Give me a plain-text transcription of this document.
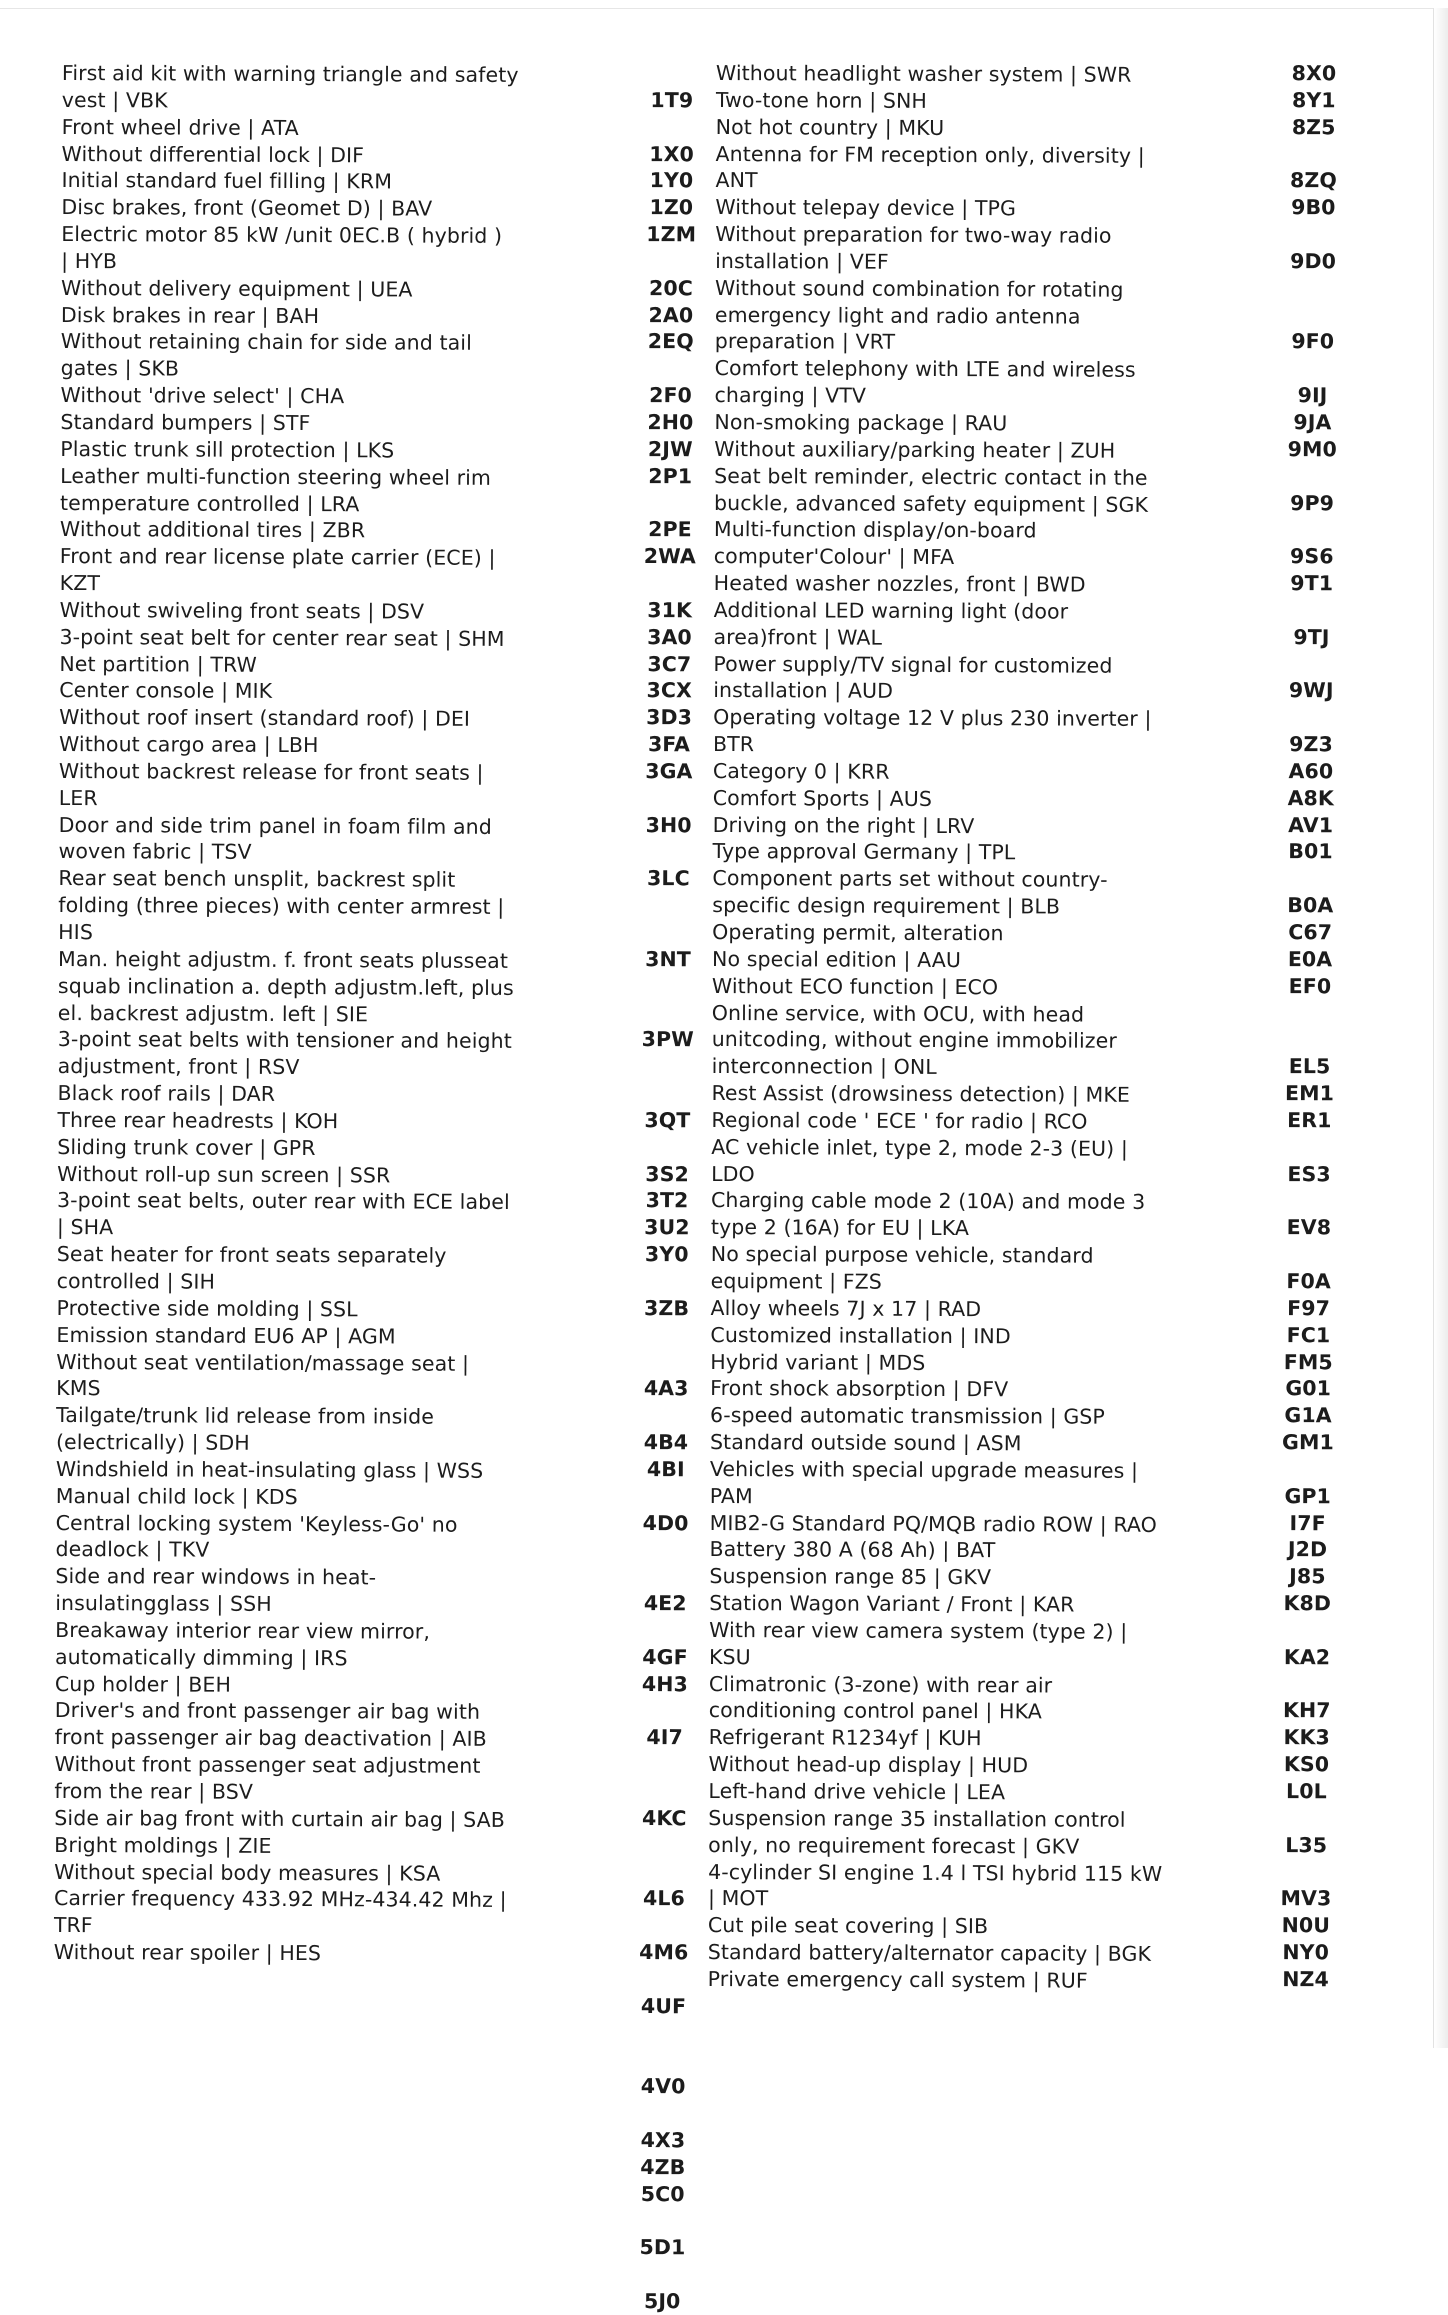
First aid kit with warning triangle and safety
vest | VBK
Front wheel drive | ATA
Without differential lock | DIF
Initial standard fuel filling | KRM
Disc brakes, front (Geomet D) | BAV
Electric motor 85 kW /unit 0EC.B ( hybrid )
| HYB
Without delivery equipment | UEA
Disk brakes in rear | BAH
Without retaining chain for side and tail
gates | SKB
Without 'drive select' | CHA
Standard bumpers | STF
Plastic trunk sill protection | LKS
Leather multi-function steering wheel rim
temperature controlled | LRA
Without additional tires | ZBR
Front and rear license plate carrier (ECE) |
KZT
Without swiveling front seats | DSV
3-point seat belt for center rear seat | SHM
Net partition | TRW
Center console | MIK
Without roof insert (standard roof) | DEI
Without cargo area | LBH
Without backrest release for front seats |
LER
Door and side trim panel in foam film and
woven fabric | TSV
Rear seat bench unsplit, backrest split
folding (three pieces) with center armrest |
HIS
Man. height adjustm. f. front seats plusseat
squab inclination a. depth adjustm.left, plus
el. backrest adjustm. left | SIE
3-point seat belts with tensioner and height
adjustment, front | RSV
Black roof rails | DAR
Three rear headrests | KOH
Sliding trunk cover | GPR
Without roll-up sun screen | SSR
3-point seat belts, outer rear with ECE label
| SHA
Seat heater for front seats separately
controlled | SIH
Protective side molding | SSL
Emission standard EU6 AP | AGM
Without seat ventilation/massage seat |
KMS
Tailgate/trunk lid release from inside
(electrically) | SDH
Windshield in heat-insulating glass | WSS
Manual child lock | KDS
Central locking system 'Keyless-Go' no
deadlock | TKV
Side and rear windows in heat-
insulatingglass | SSH
Breakaway interior rear view mirror,
automatically dimming | IRS
Cup holder | BEH
Driver's and front passenger air bag with
front passenger air bag deactivation | AIB
Without front passenger seat adjustment
from the rear | BSV
Side air bag front with curtain air bag | SAB
Bright moldings | ZIE
Without special body measures | KSA
Carrier frequency 433.92 MHz-434.42 Mhz |
TRF
Without rear spoiler | HES

1T9

1X0
1Y0
1Z0
1ZM

20C
2A0
2EQ

2F0
2H0
2JW
2P1

2PE
2WA

31K
3A0
3C7
3CX
3D3
3FA
3GA

3H0

3LC

3NT

3PW

3QT

3S2
3T2
3U2
3Y0

3ZB

4A3

4B4
4BI

4D0

4E2

4GF
4H3

4I7

4KC

4L6

4M6

4UF

4V0

4X3
4ZB
5C0

5D1

5J0
Without headlight washer system | SWR
Two-tone horn | SNH
Not hot country | MKU
Antenna for FM reception only, diversity |
ANT
Without telepay device | TPG
Without preparation for two-way radio
installation | VEF
Without sound combination for rotating
emergency light and radio antenna
preparation | VRT
Comfort telephony with LTE and wireless
charging | VTV
Non-smoking package | RAU
Without auxiliary/parking heater | ZUH
Seat belt reminder, electric contact in the
buckle, advanced safety equipment | SGK
Multi-function display/on-board
computer'Colour' | MFA
Heated washer nozzles, front | BWD
Additional LED warning light (door
area)front | WAL
Power supply/TV signal for customized
installation | AUD
Operating voltage 12 V plus 230 inverter |
BTR
Category 0 | KRR
Comfort Sports | AUS
Driving on the right | LRV
Type approval Germany | TPL
Component parts set without country-
specific design requirement | BLB
Operating permit, alteration
No special edition | AAU
Without ECO function | ECO
Online service, with OCU, with head
unitcoding, without engine immobilizer
interconnection | ONL
Rest Assist (drowsiness detection) | MKE
Regional code ' ECE ' for radio | RCO
AC vehicle inlet, type 2, mode 2-3 (EU) |
LDO
Charging cable mode 2 (10A) and mode 3
type 2 (16A) for EU | LKA
No special purpose vehicle, standard
equipment | FZS
Alloy wheels 7J x 17 | RAD
Customized installation | IND
Hybrid variant | MDS
Front shock absorption | DFV
6-speed automatic transmission | GSP
Standard outside sound | ASM
Vehicles with special upgrade measures |
PAM
MIB2-G Standard PQ/MQB radio ROW | RAO
Battery 380 A (68 Ah) | BAT
Suspension range 85 | GKV
Station Wagon Variant / Front | KAR
With rear view camera system (type 2) |
KSU
Climatronic (3-zone) with rear air
conditioning control panel | HKA
Refrigerant R1234yf | KUH
Without head-up display | HUD
Left-hand drive vehicle | LEA
Suspension range 35 installation control
only, no requirement forecast | GKV
4-cylinder SI engine 1.4 l TSI hybrid 115 kW
| MOT
Cut pile seat covering | SIB
Standard battery/alternator capacity | BGK
Private emergency call system | RUF
8X0
8Y1
8Z5

8ZQ
9B0

9D0

9F0

9IJ
9JA
9M0

9P9

9S6
9T1

9TJ

9WJ

9Z3
A60
A8K
AV1
B01

B0A
C67
E0A
EF0

EL5
EM1
ER1

ES3

EV8

F0A
F97
FC1
FM5
G01
G1A
GM1

GP1
I7F
J2D
J85
K8D

KA2

KH7
KK3
KS0
L0L

L35

MV3
N0U
NY0
NZ4
